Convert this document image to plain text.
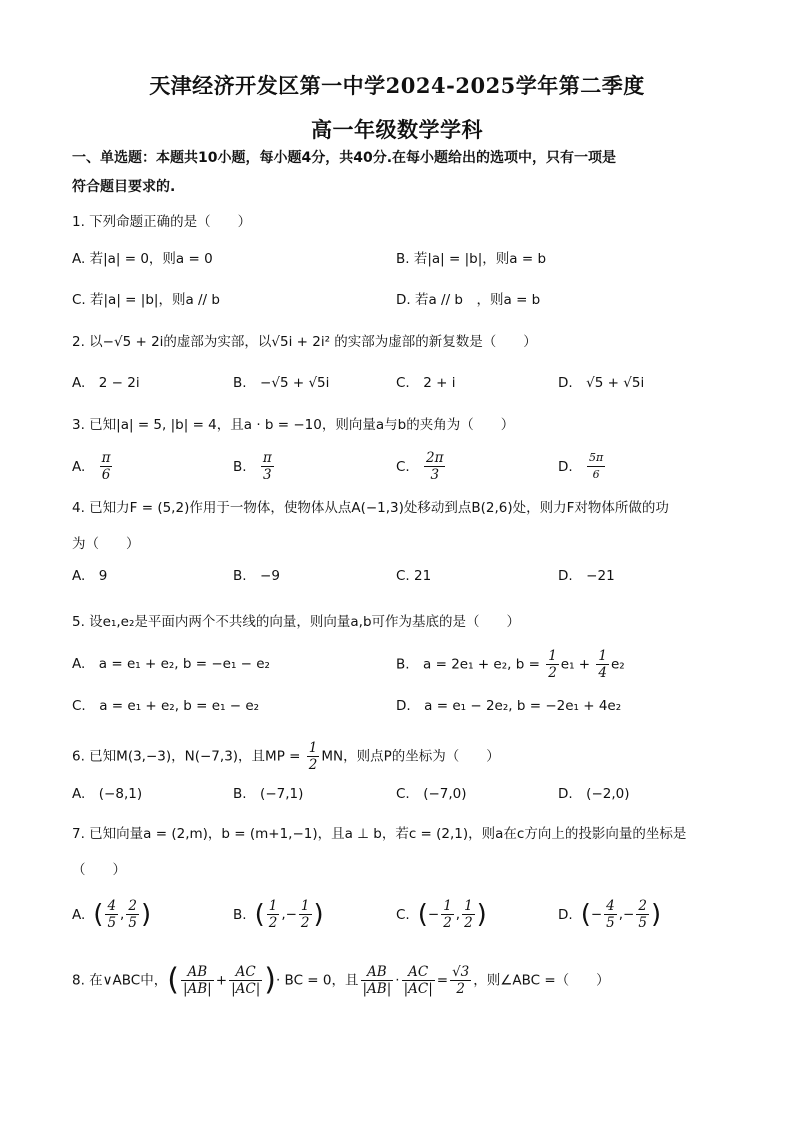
天津经济开发区第一中学2024-2025学年第二季度
高一年级数学学科
一、单选题：本题共10小题，每小题4分，共40分.在每小题给出的选项中，只有一项是
符合题目要求的.
1. 下列命题正确的是（　　）
A. 若|a| = 0，则a = 0	B. 若|a| = |b|，则a = b
C. 若|a| = |b|，则a // b	D. 若a // b　，则a = b
2. 以−√5 + 2i的虚部为实部，以√5i + 2i² 的实部为虚部的新复数是（　　）
A.　2 − 2i	B.　−√5 + √5i	C.　2 + i	D.　√5 + √5i
3. 已知|a| = 5, |b| = 4，且a · b = −10，则向量a与b的夹角为（　　）
A. $\frac{\pi}{6}$	B. $\frac{\pi}{3}$	C. $\frac{2\pi}{3}$	D. $\frac{5\pi}{6}$
4. 已知力F = (5,2)作用于一物体，使物体从点A(−1,3)处移动到点B(2,6)处，则力F对物体所做的功
为（　　）
A.　9	B.　−9	C. 21	D.　−21
5. 设e₁,e₂是平面内两个不共线的向量，则向量a,b可作为基底的是（　　）
A.　a = e₁ + e₂, b = −e₁ − e₂	B.　a = 2e₁ + e₂, $b = \frac{1}{2} e_1 + \frac{1}{4} e_2$
C.　a = e₁ + e₂, b = e₁ − e₂	D.　a = e₁ − 2e₂, b = −2e₁ + 4e₂
6. 已知M(3,−3)，N(−7,3)，且MP = $\frac{1}{2}$ MN，则点P的坐标为（　　）
A.　(−8,1)	B.　(−7,1)	C.　(−7,0)	D.　(−2,0)
7. 已知向量a = (2,m)，b = (m+1,−1)，且a ⊥ b，若c = (2,1)，则a在c方向上的投影向量的坐标是
（　　）
A. ( $\frac{4}{5}$ , $\frac{2}{5}$ )	B. ( $\frac{1}{2}$ ,− $\frac{1}{2}$ )	C. (− $\frac{1}{2}$ , $\frac{1}{2}$ )	D. (− $\frac{4}{5}$ ,− $\frac{2}{5}$ )
8. 在∨ABC中，( $\frac{AB}{|AB|} + \frac{AC}{|AC|}$ )· BC = 0，且 $\frac{AB}{|AB|} \cdot \frac{AC}{|AC|} = \frac{√3}{2}$ ，则∠ABC =（　　）
